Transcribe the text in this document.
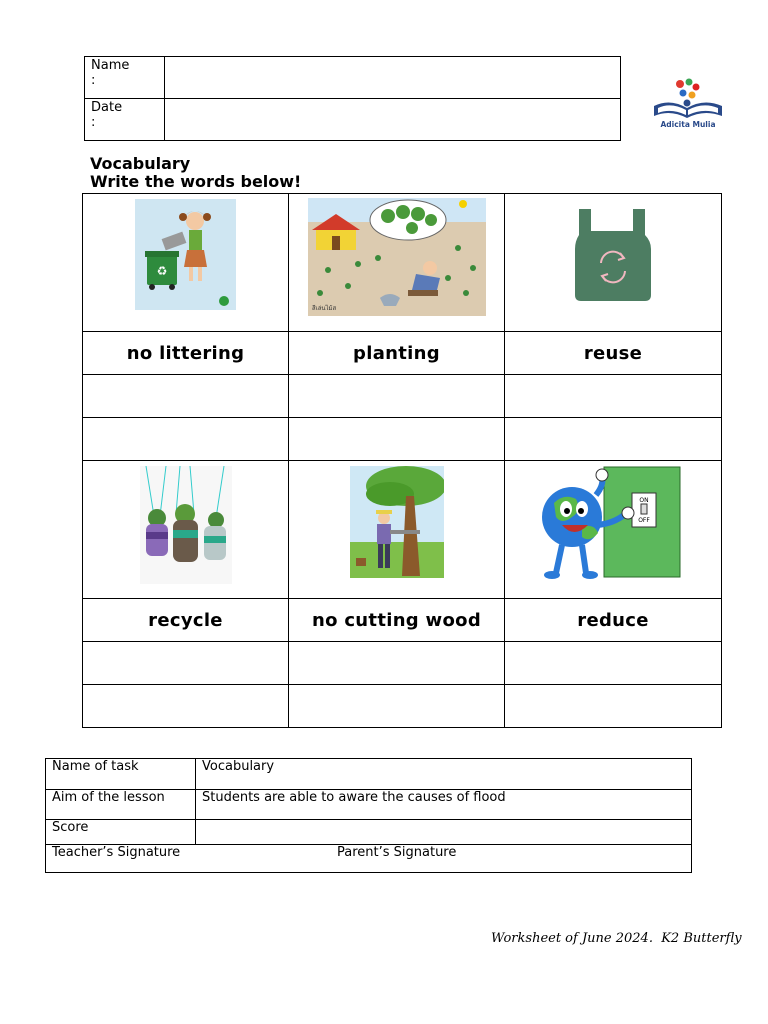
Name
:	
Date
:		Adicita Mulia
Vocabulary
Write the words below!
♻	สีเล่นไม้ส

no littering	planting	reuse

ON
OFF

recycle	no cutting wood	reduce

Name of task	Vocabulary
Aim of the lesson	Students are able to aware the causes of flood
Score	
Teacher’s Signature Parent’s Signature	
Worksheet of June 2024.  K2 Butterfly
